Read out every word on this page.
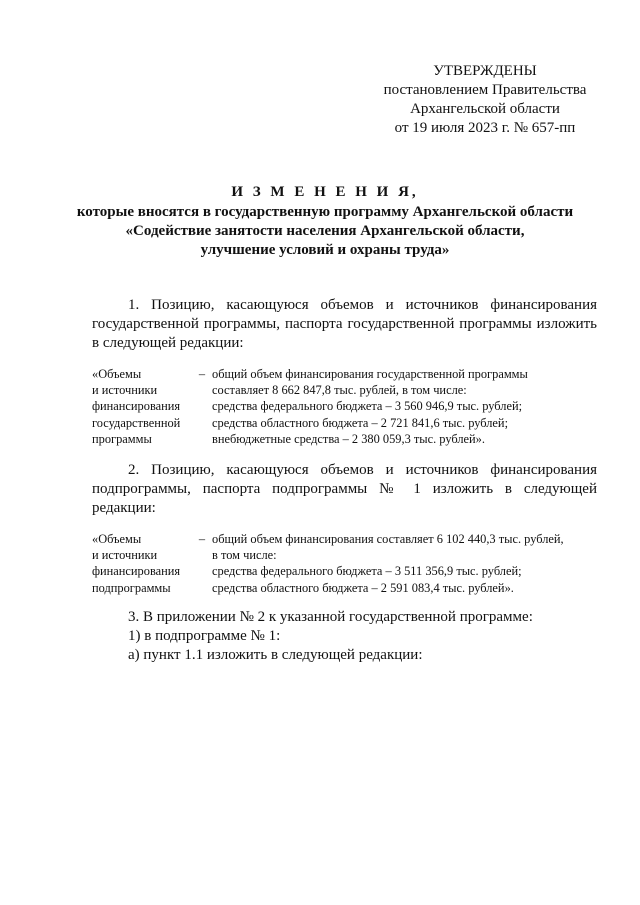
УТВЕРЖДЕНЫ
постановлением Правительства
Архангельской области
от 19 июля 2023 г. № 657-пп
И З М Е Н Е Н И Я,
которые вносятся в государственную программу Архангельской области
«Содействие занятости населения Архангельской области,
улучшение условий и охраны труда»
1. Позицию, касающуюся объемов и источников финансирования государственной программы, паспорта государственной программы изложить в следующей редакции:
«Объемы
и источники
финансирования
государственной
программы
– общий объем финансирования государственной программы
составляет 8 662 847,8 тыс. рублей, в том числе:
средства федерального бюджета – 3 560 946,9 тыс. рублей;
средства областного бюджета – 2 721 841,6 тыс. рублей;
внебюджетные средства – 2 380 059,3 тыс. рублей».
2. Позицию, касающуюся объемов и источников финансирования подпрограммы, паспорта подпрограммы № 1 изложить в следующей редакции:
«Объемы
и источники
финансирования
подпрограммы
– общий объем финансирования составляет 6 102 440,3 тыс. рублей,
в том числе:
средства федерального бюджета – 3 511 356,9 тыс. рублей;
средства областного бюджета – 2 591 083,4 тыс. рублей».
3. В приложении № 2 к указанной государственной программе:
1) в подпрограмме № 1:
а) пункт 1.1 изложить в следующей редакции:
